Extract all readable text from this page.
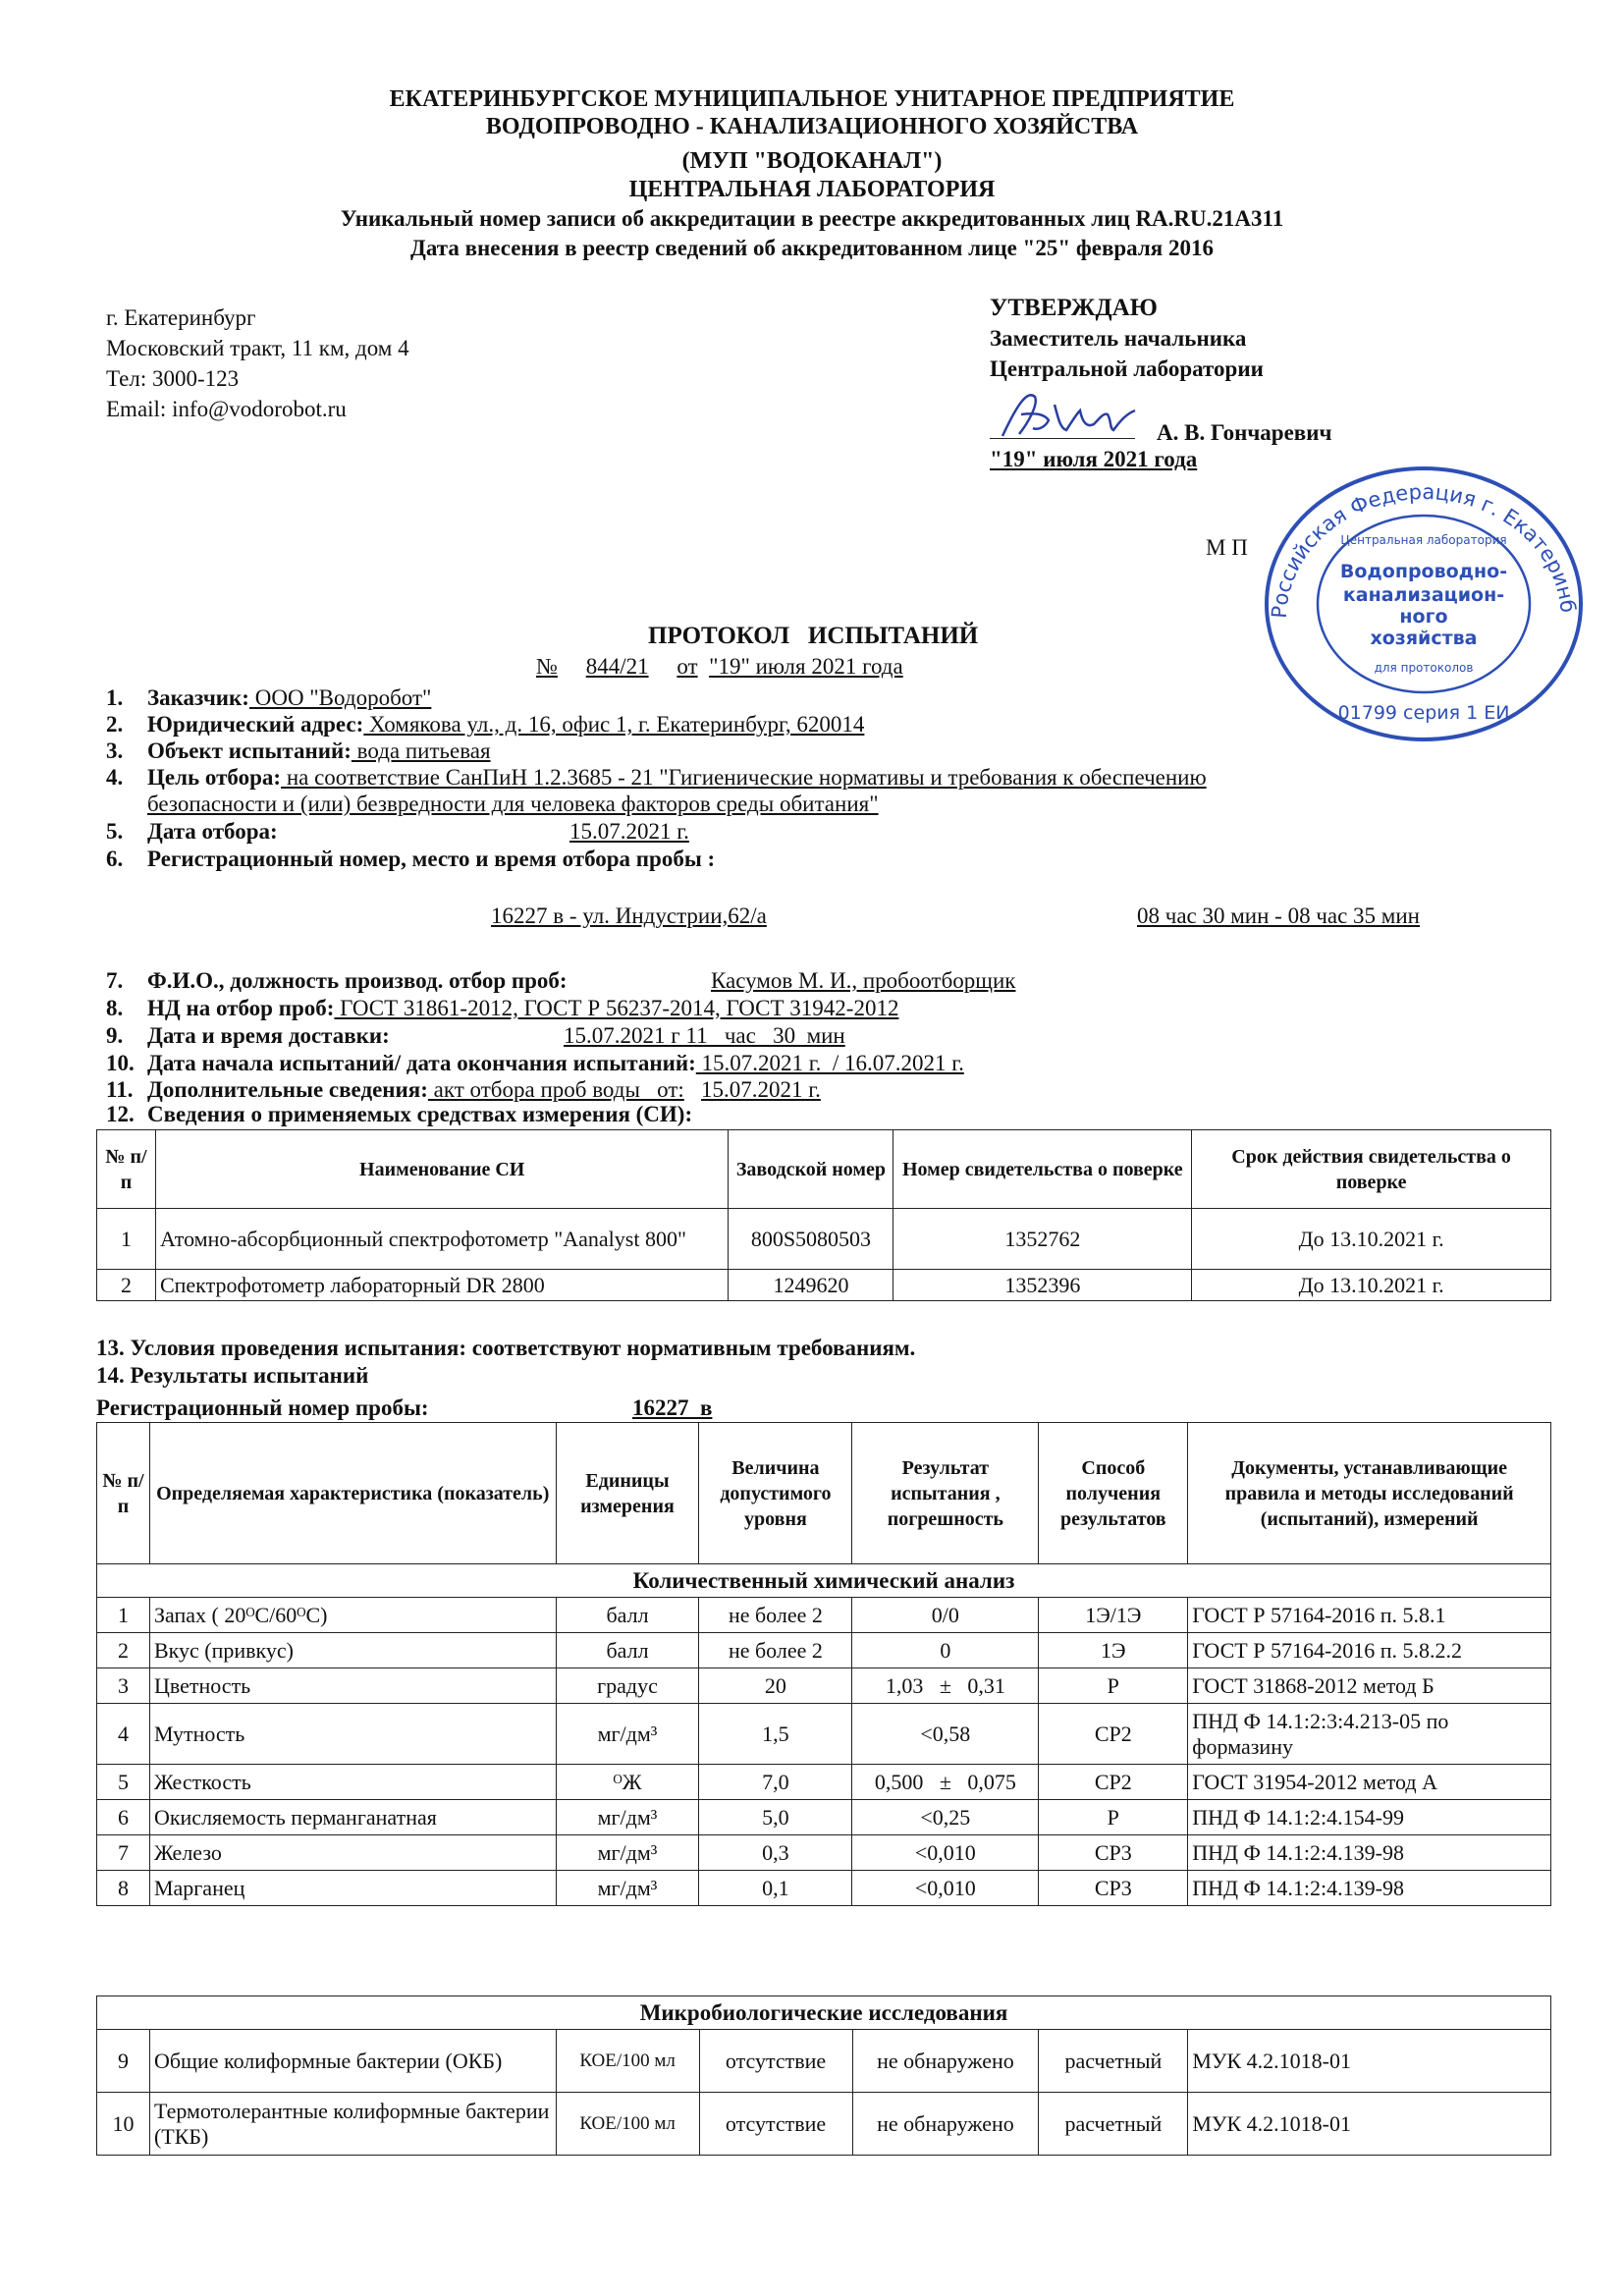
ЕКАТЕРИНБУРГСКОЕ МУНИЦИПАЛЬНОЕ УНИТАРНОЕ ПРЕДПРИЯТИЕ
ВОДОПРОВОДНО - КАНАЛИЗАЦИОННОГО ХОЗЯЙСТВА
(МУП "ВОДОКАНАЛ")
ЦЕНТРАЛЬНАЯ ЛАБОРАТОРИЯ
Уникальный номер записи об аккредитации в реестре аккредитованных лиц RA.RU.21А311
Дата внесения в реестр сведений об аккредитованном лице "25" февраля 2016
г. Екатеринбург
Московский тракт, 11 км, дом 4
Тел: 3000-123
Email: info@vodorobot.ru
УТВЕРЖДАЮ
Заместитель начальника
Центральной лаборатории
А. В. Гончаревич
"19" июля 2021 года
М П
Российская Федерация г. Екатеринб
Водопроводно-
канализацион-
ного
хозяйства
Центральная лаборатория
для протоколов
01799 серия 1 ЕИ
ПРОТОКОЛ   ИСПЫТАНИЙ
№ 844/21 от "19" июля 2021 года
1. Заказчик: ООО "Водоробот"
2. Юридический адрес: Хомякова ул., д. 16, офис 1, г. Екатеринбург, 620014
3. Объект испытаний: вода питьевая
4. Цель отбора: на соответствие СанПиН 1.2.3685 - 21 "Гигиенические нормативы и требования к обеспечению
безопасности и (или) безвредности для человека факторов среды обитания"
5. Дата отбора:	15.07.2021 г.
6. Регистрационный номер, место и время отбора пробы :
16227 в - ул. Индустрии,62/а	08 час 30 мин - 08 час 35 мин
7. Ф.И.О., должность производ. отбор проб:	Касумов М. И., пробоотборщик
8. НД на отбор проб: ГОСТ 31861-2012, ГОСТ Р 56237-2014, ГОСТ 31942-2012
9. Дата и время доставки:	15.07.2021 г 11   час   30  мин
10. Дата начала испытаний/ дата окончания испытаний: 15.07.2021 г.  / 16.07.2021 г.
11. Дополнительные сведения: акт отбора проб воды   от: 15.07.2021 г.
12. Сведения о применяемых средствах измерения (СИ):
№ п/п	Наименование СИ	Заводской номер	Номер свидетельства о поверке	Срок действия свидетельства о поверке
1	Атомно-абсорбционный спектрофотометр "Aanalyst 800"	800S5080503	1352762	До 13.10.2021 г.
2	Спектрофотометр лабораторный DR 2800	1249620	1352396	До 13.10.2021 г.
13. Условия проведения испытания: соответствуют нормативным требованиям.
14. Результаты испытаний
Регистрационный номер пробы:	16227  в
№ п/п	Определяемая характеристика (показатель)	Единицы измерения	Величина допустимого уровня	Результат испытания , погрешность	Способ получения результатов	Документы, устанавливающие правила и методы исследований (испытаний), измерений
Количественный химический анализ						
1	Запах ( 20ᴼС/60ᴼС)	балл	не более 2	0/0	1Э/1Э	ГОСТ Р 57164-2016 п. 5.8.1
2	Вкус (привкус)	балл	не более 2	0	1Э	ГОСТ Р 57164-2016 п. 5.8.2.2
3	Цветность	градус	20	1,03   ±   0,31	Р	ГОСТ 31868-2012 метод Б
4	Мутность	мг/дм³	1,5	<0,58	СР2	ПНД Ф 14.1:2:3:4.213-05 по формазину
5	Жесткость	ᴼЖ	7,0	0,500   ±   0,075	СР2	ГОСТ 31954-2012 метод А
6	Окисляемость перманганатная	мг/дм³	5,0	<0,25	Р	ПНД Ф 14.1:2:4.154-99
7	Железо	мг/дм³	0,3	<0,010	СР3	ПНД Ф 14.1:2:4.139-98
8	Марганец	мг/дм³	0,1	<0,010	СР3	ПНД Ф 14.1:2:4.139-98
Микробиологические исследования						
9	Общие колиформные бактерии (ОКБ)	КОЕ/100 мл	отсутствие	не обнаружено	расчетный	МУК 4.2.1018-01
10	Термотолерантные колиформные бактерии (ТКБ)	КОЕ/100 мл	отсутствие	не обнаружено	расчетный	МУК 4.2.1018-01
